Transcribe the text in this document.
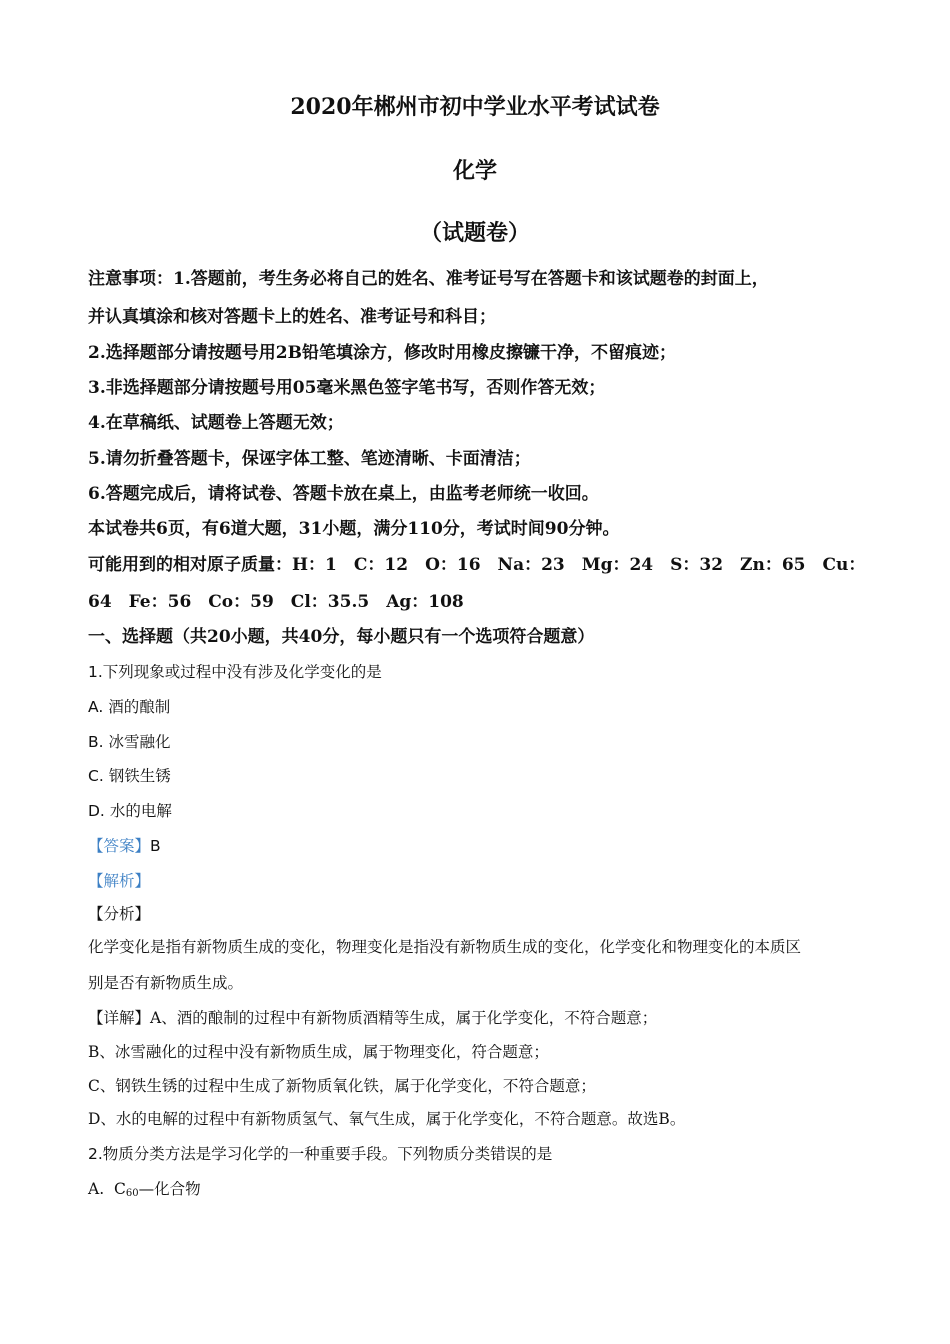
2020年郴州市初中学业水平考试试卷
化学
（试题卷）
注意事项：1.答题前，考生务必将自己的姓名、准考证号写在答题卡和该试题卷的封面上，
并认真填涂和核对答题卡上的姓名、准考证号和科目；
2.选择题部分请按题号用2B铅笔填涂方，修改时用橡皮擦镰干净，不留痕迹；
3.非选择题部分请按题号用05毫米黑色签字笔书写，否则作答无效；
4.在草稿纸、试题卷上答题无效；
5.请勿折叠答题卡，保诬字体工整、笔迹清晰、卡面清洁；
6.答题完成后，请将试卷、答题卡放在桌上，由监考老师统一收回。
本试卷共6页，有6道大题，31小题，满分110分，考试时间90分钟。
可能用到的相对原子质量：H：1　C：12　O：16　Na：23　Mg：24　S：32　Zn：65　Cu：
64　Fe：56　Co：59　Cl：35.5　Ag：108
一、选择题（共20小题，共40分，每小题只有一个选项符合题意）
1.下列现象或过程中没有涉及化学变化的是
A. 酒的酿制
B. 冰雪融化
C. 钢铁生锈
D. 水的电解
【答案】B
【解析】
【分析】
化学变化是指有新物质生成的变化，物理变化是指没有新物质生成的变化，化学变化和物理变化的本质区
别是否有新物质生成。
【详解】A、酒的酿制的过程中有新物质酒精等生成，属于化学变化，不符合题意；
B、冰雪融化的过程中没有新物质生成，属于物理变化，符合题意；
C、钢铁生锈的过程中生成了新物质氧化铁，属于化学变化，不符合题意；
D、水的电解的过程中有新物质氢气、氧气生成，属于化学变化，不符合题意。故选B。
2.物质分类方法是学习化学的一种重要手段。下列物质分类错误的是
A. $C_{60}—$化合物
